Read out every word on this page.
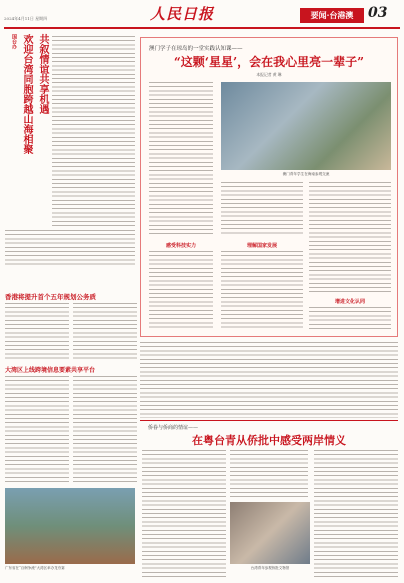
2024年4月11日 星期四	人民日报	要闻·台港澳	03
国台办 欢迎台湾同胞跨越山海相聚 共叙情谊共享机遇	澳门学子在琼岛的一堂实践认知课——
“这颗‘星星’，会在我心里亮一辈子”
本报记者 黄 琳
澳门青年学生在海南参观交流
感受科技实力	理解国家发展
增进文化认同
香港将提升首个五年规划公务质
大湾区上线跨境信息要素共享平台
广东省在“百舸争流”大湾区举办龙舟赛
侨眷与侨商的情谊——
在粤台青从侨批中感受两岸情义
台湾青年参观侨批文物馆
